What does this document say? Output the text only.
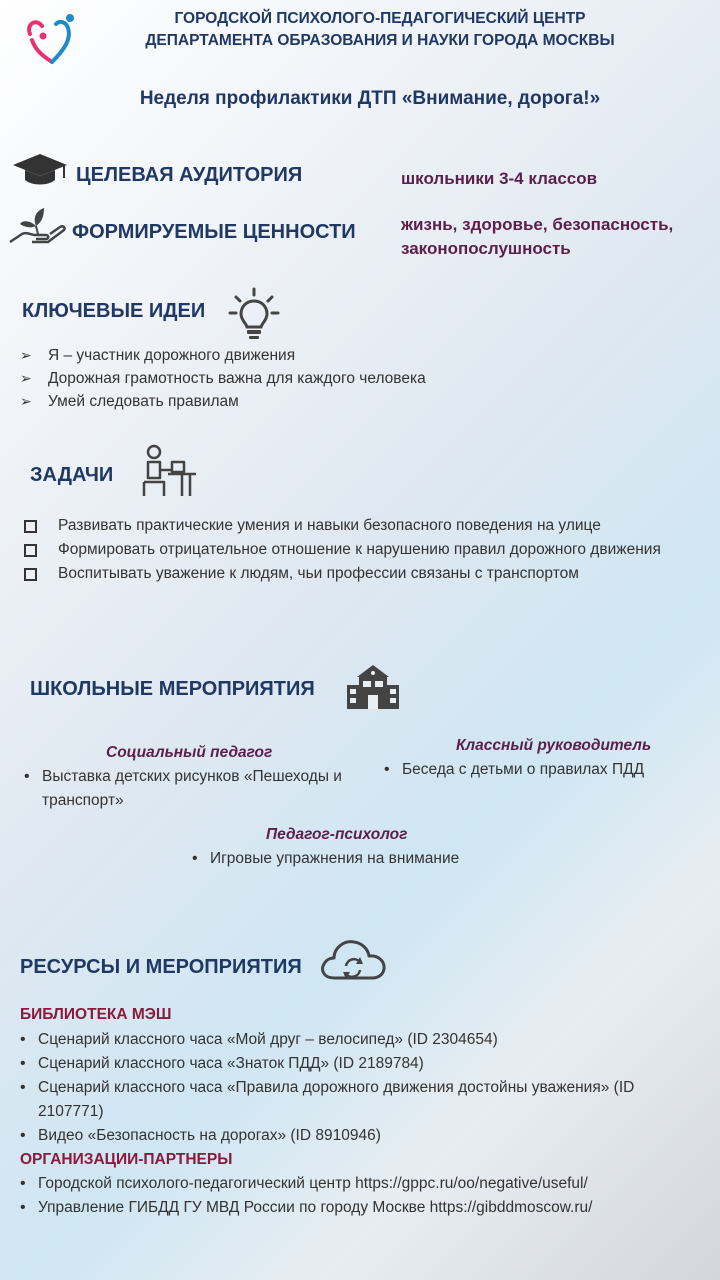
ГОРОДСКОЙ ПСИХОЛОГО-ПЕДАГОГИЧЕСКИЙ ЦЕНТР
ДЕПАРТАМЕНТА ОБРАЗОВАНИЯ И НАУКИ ГОРОДА МОСКВЫ
Неделя профилактики ДТП «Внимание, дорога!»
ЦЕЛЕВАЯ АУДИТОРИЯ	школьники 3-4 классов
ФОРМИРУЕМЫЕ ЦЕННОСТИ	жизнь, здоровье, безопасность,
законопослушность
КЛЮЧЕВЫЕ ИДЕИ
➢ Я – участник дорожного движения
➢ Дорожная грамотность важна для каждого человека
➢ Умей следовать правилам
ЗАДАЧИ
Развивать практические умения и навыки безопасного поведения на улице
Формировать отрицательное отношение к нарушению правил дорожного движения
Воспитывать уважение к людям, чьи профессии связаны с транспортом
ШКОЛЬНЫЕ МЕРОПРИЯТИЯ
Социальный педагог
• Выставка детских рисунков «Пешеходы и транспорт»
Классный руководитель
• Беседа с детьми о правилах ПДД
Педагог-психолог
• Игровые упражнения на внимание
РЕСУРСЫ И МЕРОПРИЯТИЯ
БИБЛИОТЕКА МЭШ
• Сценарий классного часа «Мой друг – велосипед» (ID 2304654)
• Сценарий классного часа «Знаток ПДД» (ID 2189784)
• Сценарий классного часа «Правила дорожного движения достойны уважения» (ID 2107771)
• Видео «Безопасность на дорогах» (ID 8910946)
ОРГАНИЗАЦИИ-ПАРТНЕРЫ
• Городской психолого-педагогический центр https://gppc.ru/oo/negative/useful/
• Управление ГИБДД ГУ МВД России по городу Москве https://gibddmoscow.ru/
